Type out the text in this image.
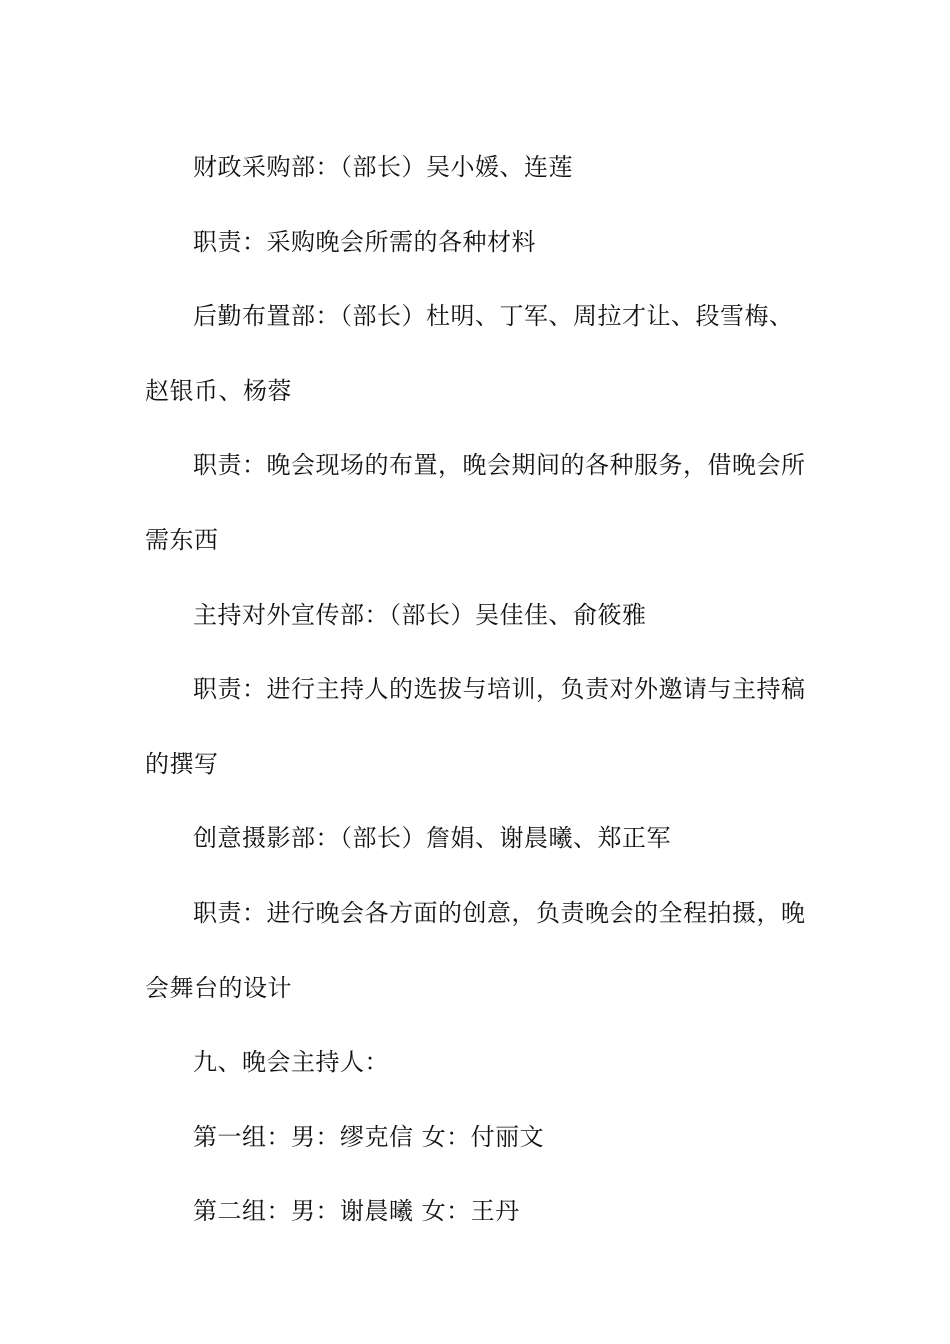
财政采购部：（部长）吴小媛、连莲
职责：采购晚会所需的各种材料
后勤布置部：（部长）杜明、丁军、周拉才让、段雪梅、
赵银币、杨蓉
职责：晚会现场的布置，晚会期间的各种服务，借晚会所
需东西
主持对外宣传部：（部长）吴佳佳、俞筱雅
职责：进行主持人的选拔与培训，负责对外邀请与主持稿
的撰写
创意摄影部：（部长）詹娟、谢晨曦、郑正军
职责：进行晚会各方面的创意，负责晚会的全程拍摄，晚
会舞台的设计
九、晚会主持人：
第一组：男：缪克信 女：付丽文
第二组：男：谢晨曦 女：王丹
